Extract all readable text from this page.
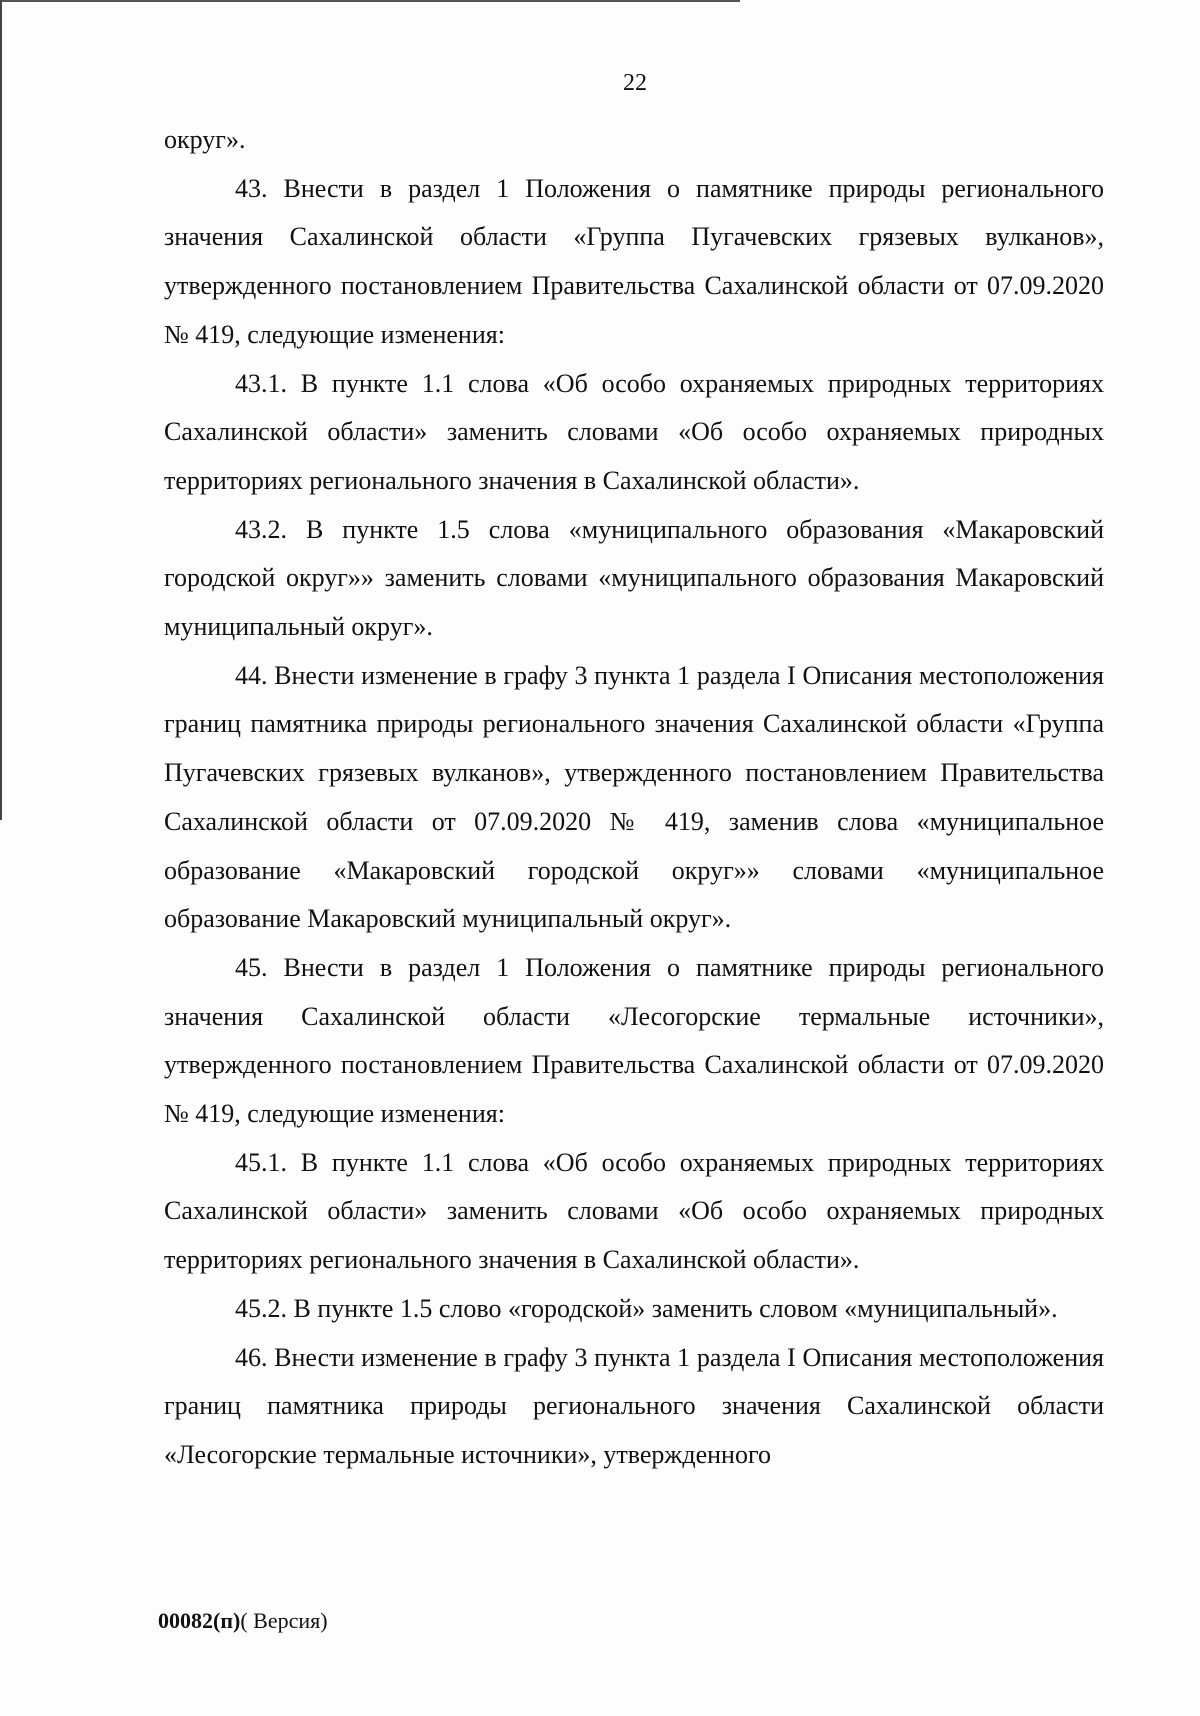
22

округ».

43. Внести в раздел 1 Положения о памятнике природы регионального значения Сахалинской области «Группа Пугачевских грязевых вулканов», утвержденного постановлением Правительства Сахалинской области от 07.09.2020 № 419, следующие изменения:

43.1. В пункте 1.1 слова «Об особо охраняемых природных территориях Сахалинской области» заменить словами «Об особо охраняемых природных территориях регионального значения в Сахалинской области».

43.2. В пункте 1.5 слова «муниципального образования «Макаровский городской округ»» заменить словами «муниципального образования Макаровский муниципальный округ».

44. Внести изменение в графу 3 пункта 1 раздела I Описания местоположения границ памятника природы регионального значения Сахалинской области «Группа Пугачевских грязевых вулканов», утвержденного постановлением Правительства Сахалинской области от 07.09.2020 № 419, заменив слова «муниципальное образование «Макаровский городской округ»» словами «муниципальное образование Макаровский муниципальный округ».

45. Внести в раздел 1 Положения о памятнике природы регионального значения Сахалинской области «Лесогорские термальные источники», утвержденного постановлением Правительства Сахалинской области от 07.09.2020 № 419, следующие изменения:

45.1. В пункте 1.1 слова «Об особо охраняемых природных территориях Сахалинской области» заменить словами «Об особо охраняемых природных территориях регионального значения в Сахалинской области».

45.2. В пункте 1.5 слово «городской» заменить словом «муниципальный».

46. Внести изменение в графу 3 пункта 1 раздела I Описания местоположения границ памятника природы регионального значения Сахалинской области «Лесогорские термальные источники», утвержденного

00082(п)( Версия)
